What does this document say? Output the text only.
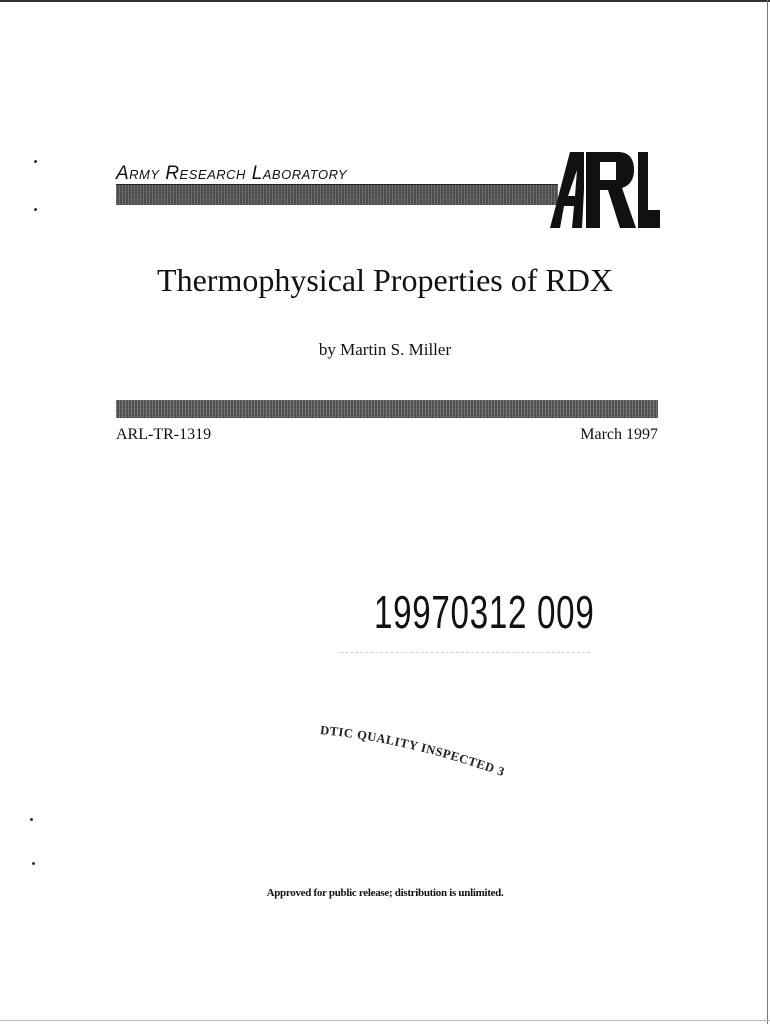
Army Research Laboratory
Thermophysical Properties of RDX
by Martin S. Miller
ARL-TR-1319	March 1997
19970312 009
DTIC QUALITY INSPECTED 3
Approved for public release; distribution is unlimited.
